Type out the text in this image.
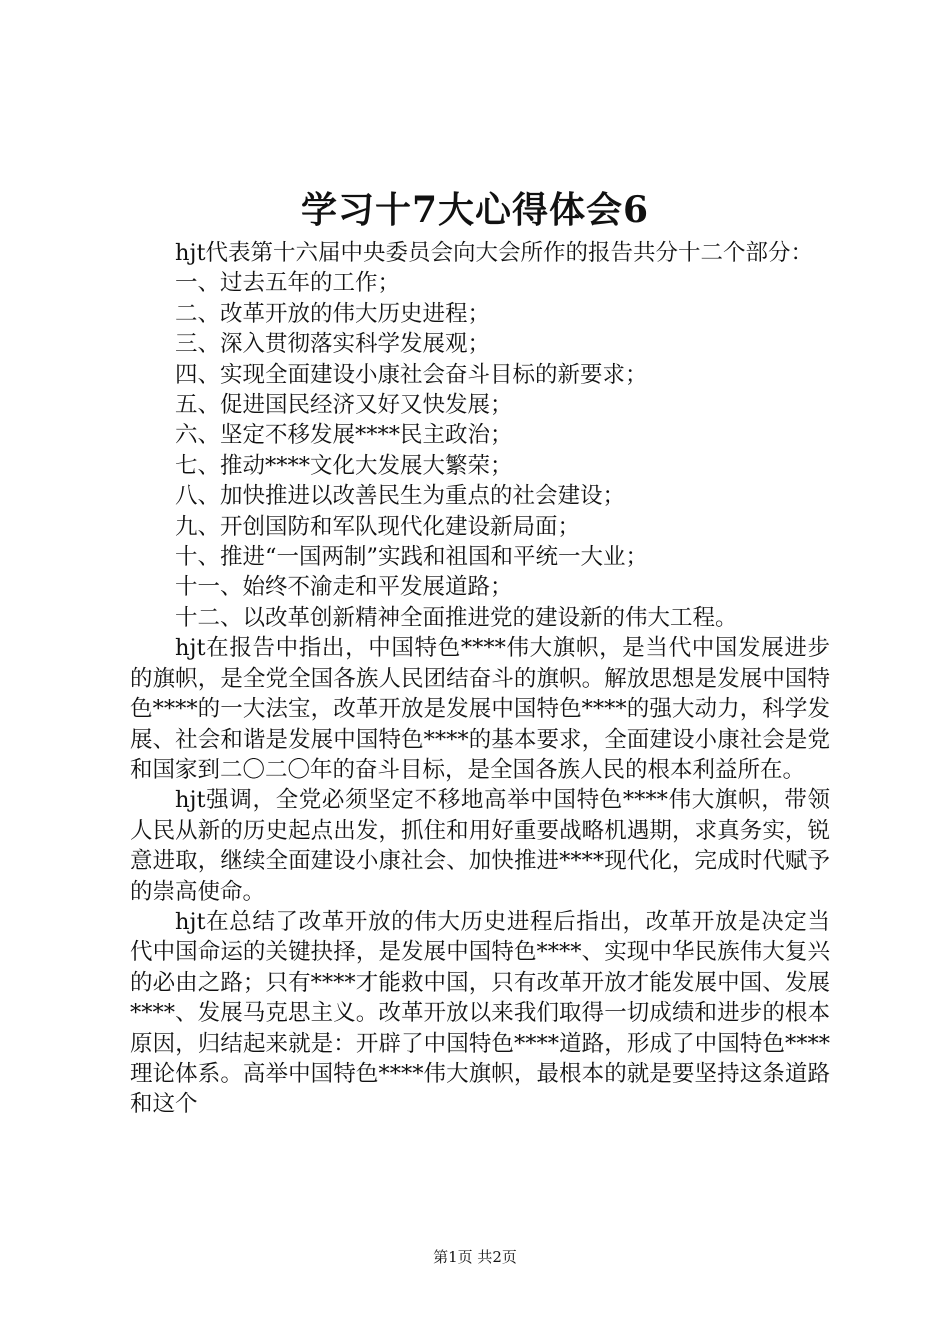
学习十7大心得体会6

hjt代表第十六届中央委员会向大会所作的报告共分十二个部分：

一、过去五年的工作；

二、改革开放的伟大历史进程；

三、深入贯彻落实科学发展观；

四、实现全面建设小康社会奋斗目标的新要求；

五、促进国民经济又好又快发展；

六、坚定不移发展****民主政治；

七、推动****文化大发展大繁荣；

八、加快推进以改善民生为重点的社会建设；

九、开创国防和军队现代化建设新局面；

十、推进“一国两制”实践和祖国和平统一大业；

十一、始终不渝走和平发展道路；

十二、以改革创新精神全面推进党的建设新的伟大工程。

hjt在报告中指出，中国特色****伟大旗帜，是当代中国发展进步的旗帜，是全党全国各族人民团结奋斗的旗帜。解放思想是发展中国特色****的一大法宝，改革开放是发展中国特色****的强大动力，科学发展、社会和谐是发展中国特色****的基本要求，全面建设小康社会是党和国家到二〇二〇年的奋斗目标，是全国各族人民的根本利益所在。

hjt强调，全党必须坚定不移地高举中国特色****伟大旗帜，带领人民从新的历史起点出发，抓住和用好重要战略机遇期，求真务实，锐意进取，继续全面建设小康社会、加快推进****现代化，完成时代赋予的崇高使命。

hjt在总结了改革开放的伟大历史进程后指出，改革开放是决定当代中国命运的关键抉择，是发展中国特色****、实现中华民族伟大复兴的必由之路；只有****才能救中国，只有改革开放才能发展中国、发展****、发展马克思主义。改革开放以来我们取得一切成绩和进步的根本原因，归结起来就是：开辟了中国特色****道路，形成了中国特色****理论体系。高举中国特色****伟大旗帜，最根本的就是要坚持这条道路和这个

第1页 共2页
